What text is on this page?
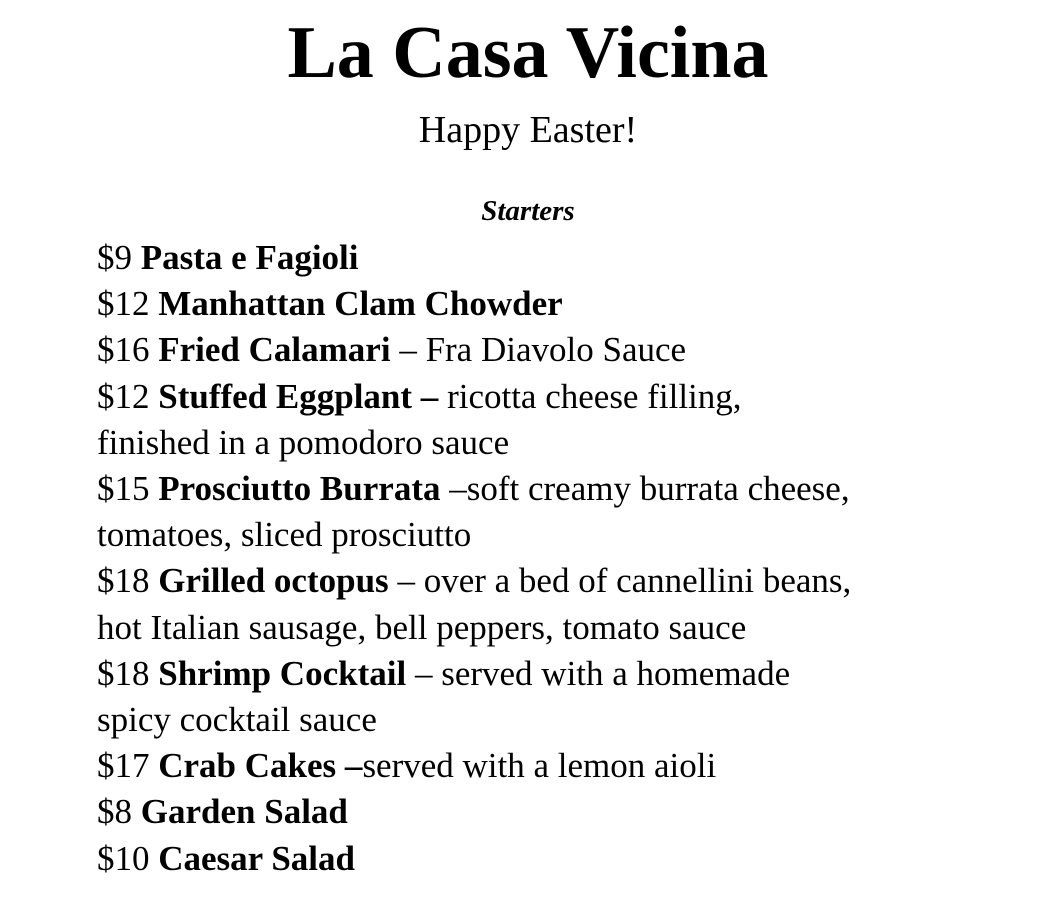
La Casa Vicina
Happy Easter!
Starters
$9 Pasta e Fagioli
$12 Manhattan Clam Chowder
$16 Fried Calamari – Fra Diavolo Sauce
$12 Stuffed Eggplant – ricotta cheese filling,
finished in a pomodoro sauce
$15 Prosciutto Burrata –soft creamy burrata cheese,
tomatoes, sliced prosciutto
$18 Grilled octopus – over a bed of cannellini beans,
hot Italian sausage, bell peppers, tomato sauce
$18 Shrimp Cocktail – served with a homemade
spicy cocktail sauce
$17 Crab Cakes –served with a lemon aioli
$8 Garden Salad
$10 Caesar Salad
